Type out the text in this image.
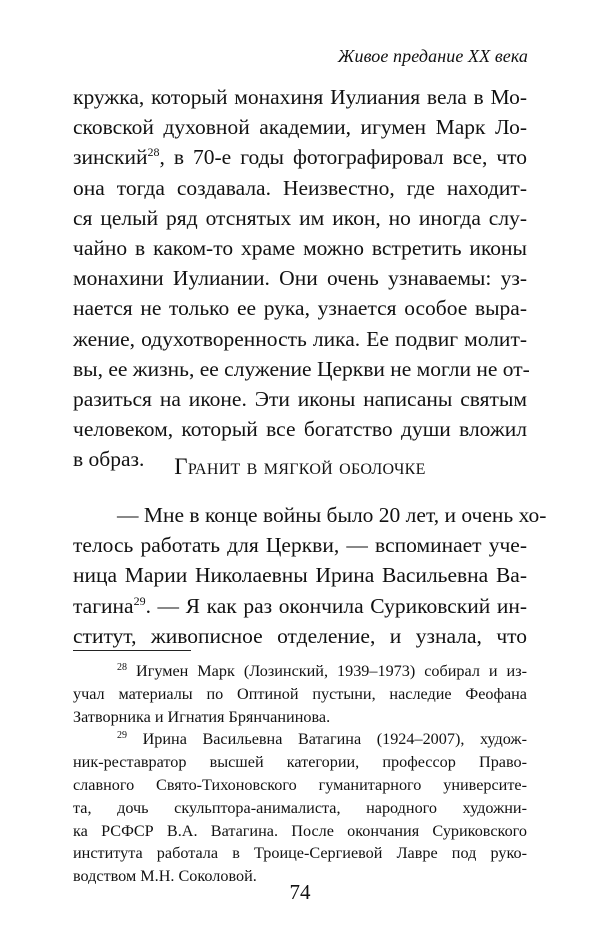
Живое предание XX века
кружка, который монахиня Иулиания вела в Мо-
сковской духовной академии, игумен Марк Ло-
зинский$^{28}$, в 70-е годы фотографировал все, что
она тогда создавала. Неизвестно, где находит-
ся целый ряд отснятых им икон, но иногда слу-
чайно в каком-то храме можно встретить иконы
монахини Иулиании. Они очень узнаваемы: уз-
нается не только ее рука, узнается особое выра-
жение, одухотворенность лика. Ее подвиг молит-
вы, ее жизнь, ее служение Церкви не могли не от-
разиться на иконе. Эти иконы написаны святым
человеком, который все богатство души вложил
в образ.	Гранит в мягкой оболочке
— Мне в конце войны было 20 лет, и очень хо-
телось работать для Церкви, — вспоминает уче-
ница Марии Николаевны Ирина Васильевна Ва-
тагина$^{29}$. — Я как раз окончила Суриковский ин-
ститут, живописное отделение, и узнала, что
$^{28}$ Игумен Марк (Лозинский, 1939–1973) собирал и из-
учал материалы по Оптиной пустыни, наследие Феофана
Затворника и Игнатия Брянчанинова.
$^{29}$ Ирина Васильевна Ватагина (1924–2007), худож-
ник-реставратор высшей категории, профессор Право-
славного Свято-Тихоновского гуманитарного университе-
та, дочь скульптора-анималиста, народного художни-
ка РСФСР В.А. Ватагина. После окончания Суриковского
института работала в Троице-Сергиевой Лавре под руко-
водством М.Н. Соколовой.
74
